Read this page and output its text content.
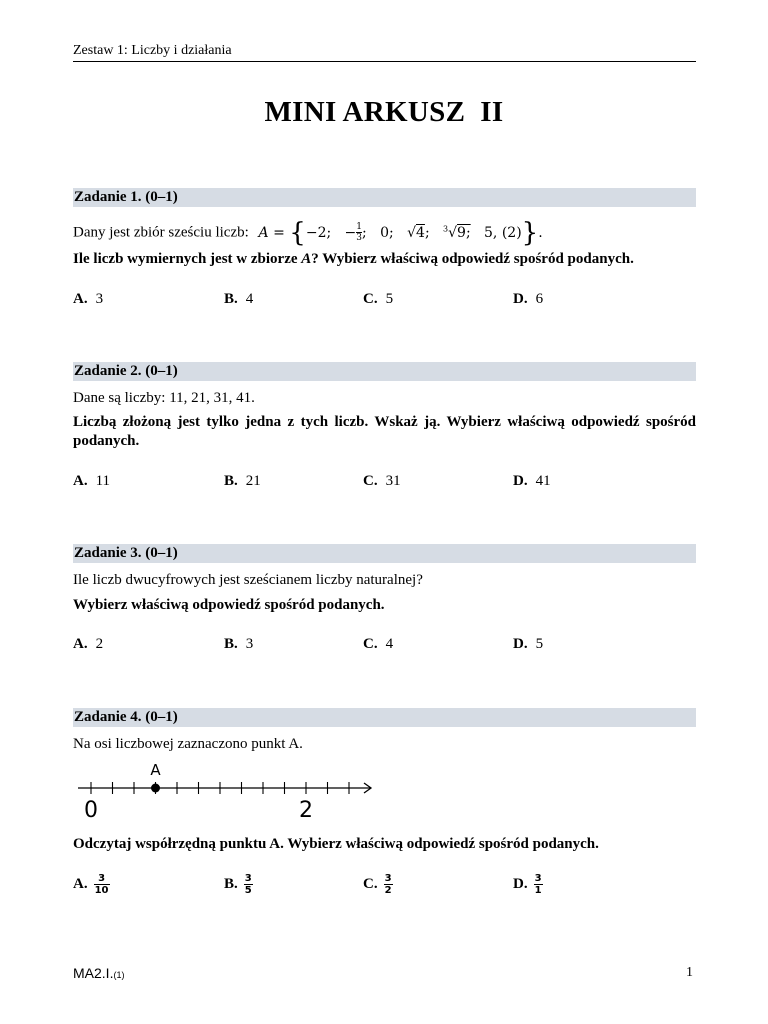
Zestaw 1: Liczby i działania
MINI ARKUSZ  II
Zadanie 1. (0–1)
Dany jest zbiór sześciu liczb: A = {−2;   − $\frac{1}{3}$ ;   0;   √4;   $^3$√9; 5, (2)}.
Ile liczb wymiernych jest w zbiorze A? Wybierz właściwą odpowiedź spośród podanych.
A. 3	B. 4	C. 5	D. 6
Zadanie 2. (0–1)
Dane są liczby: 11, 21, 31, 41.
Liczbą złożoną jest tylko jedna z tych liczb. Wskaż ją. Wybierz właściwą odpowiedź spośród podanych.
A. 11	B. 21	C. 31	D. 41
Zadanie 3. (0–1)
Ile liczb dwucyfrowych jest sześcianem liczby naturalnej?
Wybierz właściwą odpowiedź spośród podanych.
A. 2	B. 3	C. 4	D. 5
Zadanie 4. (0–1)
Na osi liczbowej zaznaczono punkt A.
A
0	2
Odczytaj współrzędną punktu A. Wybierz właściwą odpowiedź spośród podanych.
A. $\frac{3}{10}$	B. $\frac{3}{5}$	C. $\frac{3}{2}$	D. $\frac{3}{1}$
MA2.I.(1)	1
